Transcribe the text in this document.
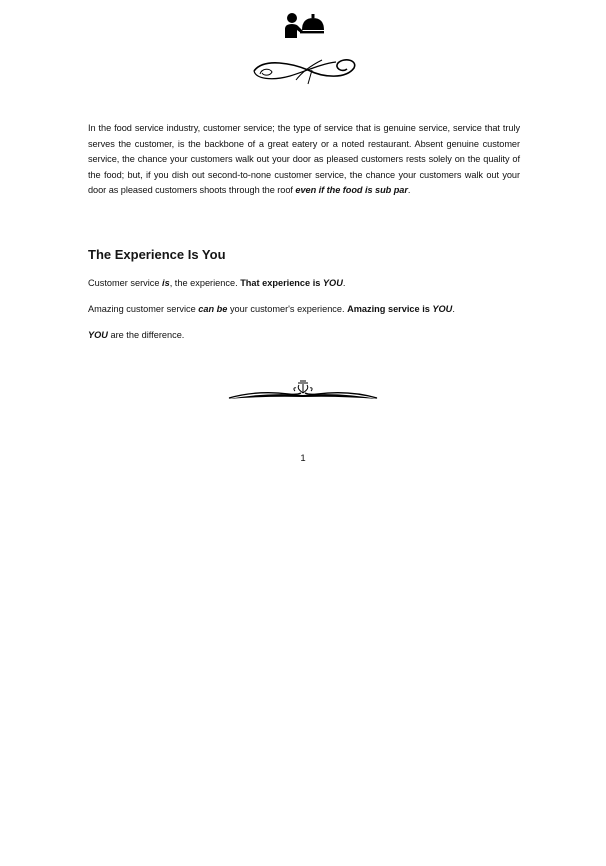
In the food service industry, customer service; the type of service that is genuine service, service that truly serves the customer, is the backbone of a great eatery or a noted restaurant. Absent genuine customer service, the chance your customers walk out your door as pleased customers rests solely on the quality of the food; but, if you dish out second-to-none customer service, the chance your customers walk out your door as pleased customers shoots through the roof even if the food is sub par.

The Experience Is You
Customer service is, the experience. That experience is YOU.
Amazing customer service can be your customer's experience. Amazing service is YOU.
YOU are the difference.
1
